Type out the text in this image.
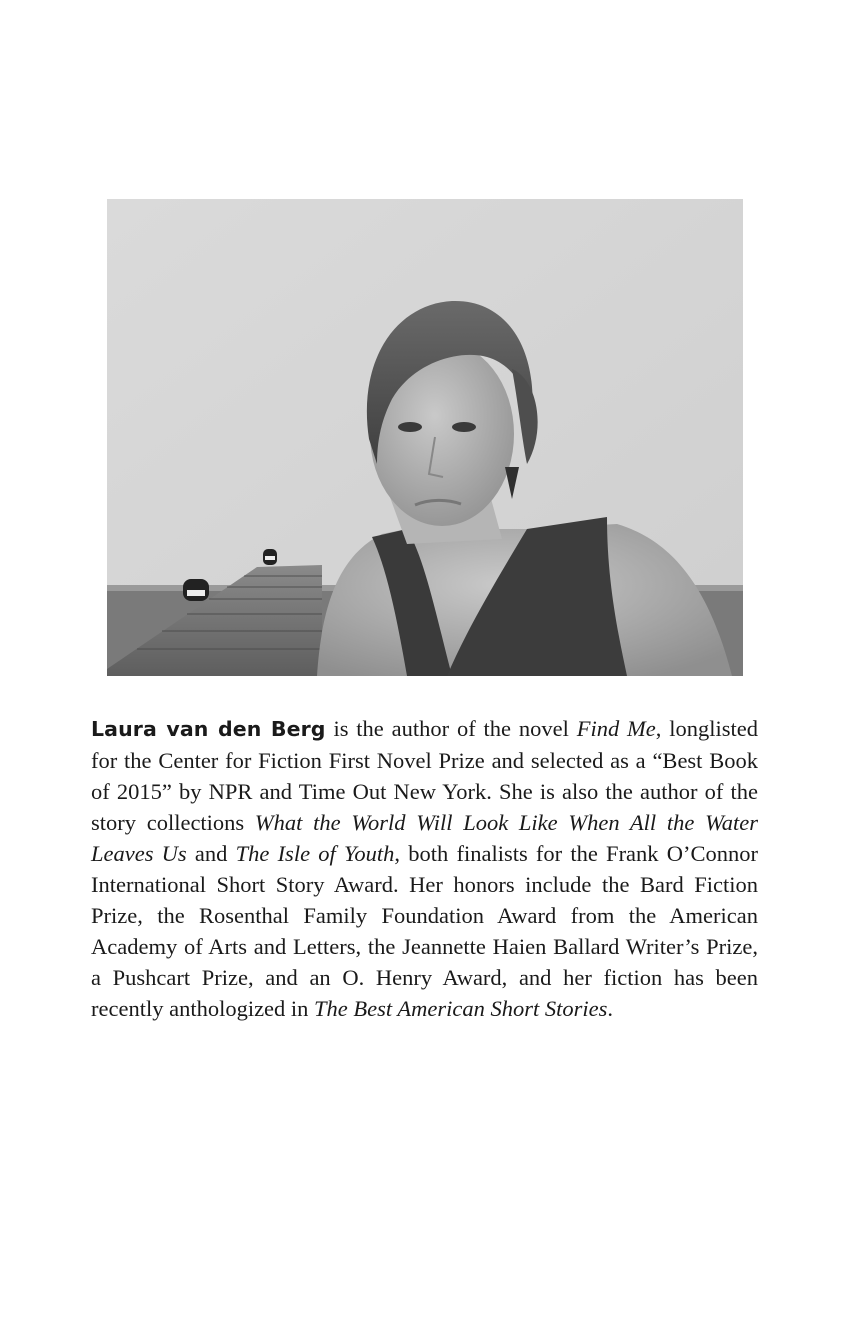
Laura van den Berg is the author of the novel Find Me, longlisted for the Center for Fiction First Novel Prize and selected as a “Best Book of 2015” by NPR and Time Out New York. She is also the author of the story collections What the World Will Look Like When All the Water Leaves Us and The Isle of Youth, both finalists for the Frank O’Connor International Short Story Award. Her honors include the Bard Fiction Prize, the Rosenthal Family Foundation Award from the American Academy of Arts and Letters, the Jeannette Haien Ballard Writer’s Prize, a Pushcart Prize, and an O. Henry Award, and her fiction has been recently anthologized in The Best American Short Stories.
